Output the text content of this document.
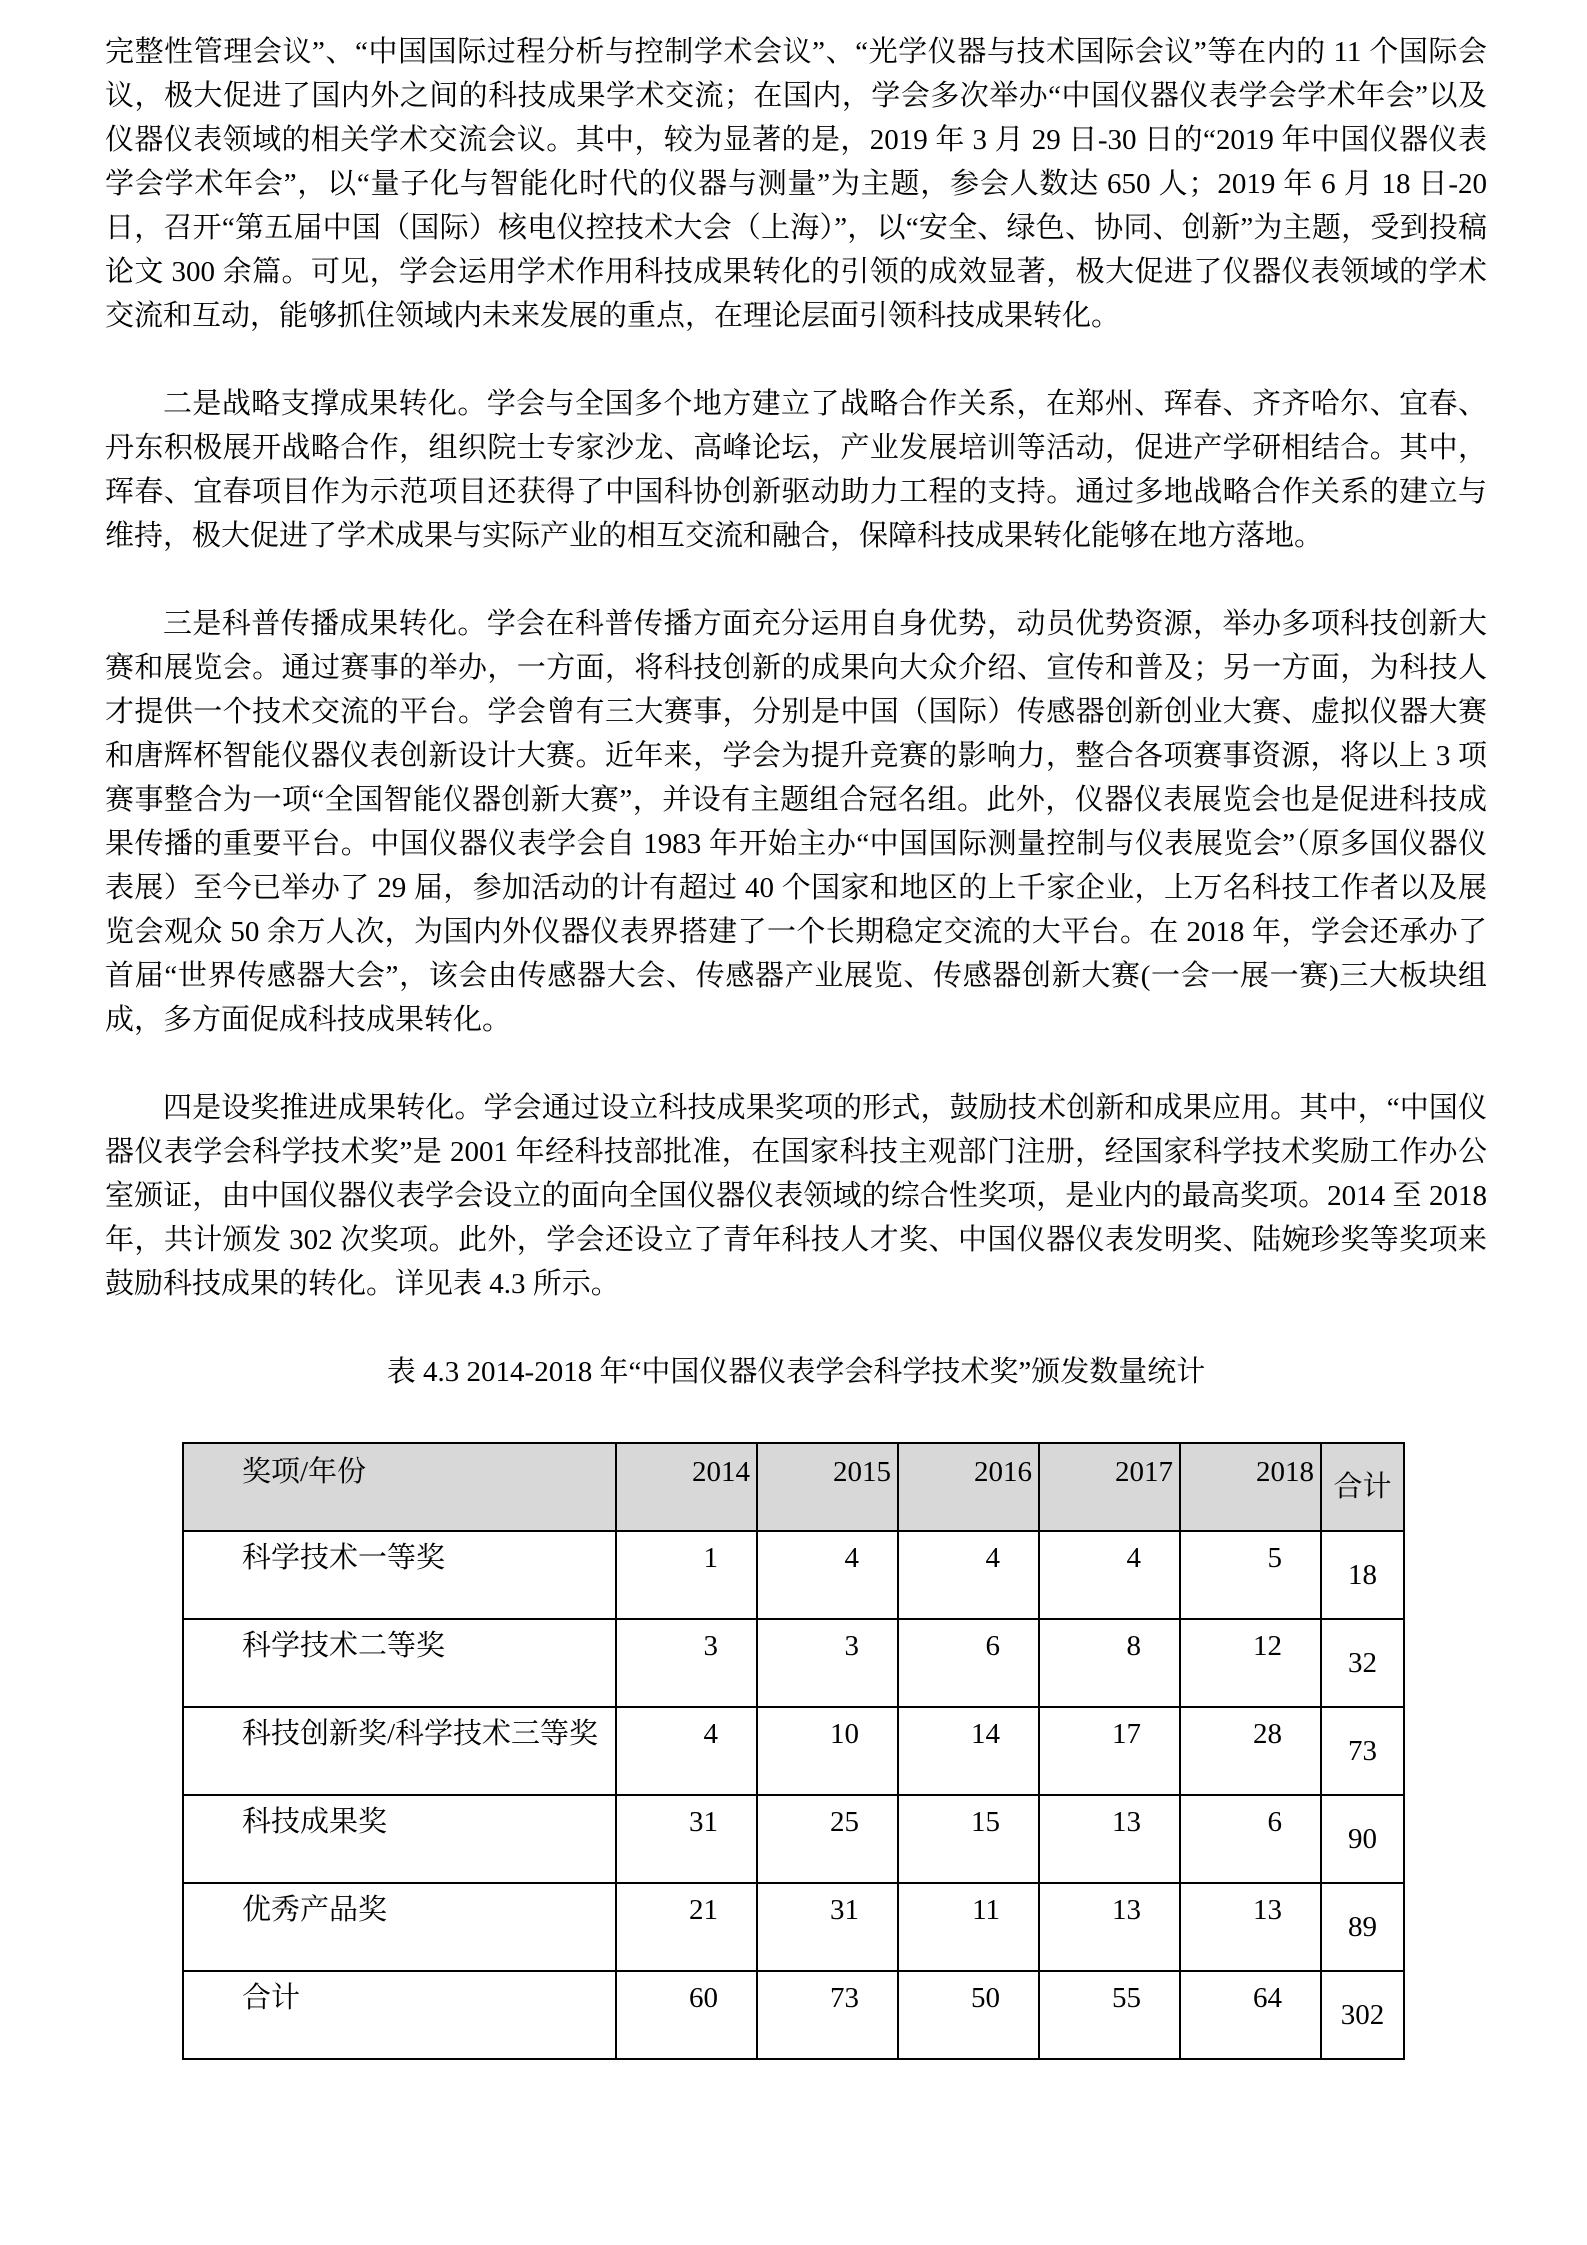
完整性管理会议”、“中国国际过程分析与控制学术会议”、“光学仪器与技术国际会议”等在内的 11 个国际会议，极大促进了国内外之间的科技成果学术交流；在国内，学会多次举办“中国仪器仪表学会学术年会”以及仪器仪表领域的相关学术交流会议。其中，较为显著的是，2019 年 3 月 29 日-30 日的“2019 年中国仪器仪表学会学术年会”，以“量子化与智能化时代的仪器与测量”为主题，参会人数达 650 人；2019 年 6 月 18 日-20 日，召开“第五届中国（国际）核电仪控技术大会（上海）”，以“安全、绿色、协同、创新”为主题，受到投稿论文 300 余篇。可见，学会运用学术作用科技成果转化的引领的成效显著，极大促进了仪器仪表领域的学术交流和互动，能够抓住领域内未来发展的重点，在理论层面引领科技成果转化。

二是战略支撑成果转化。学会与全国多个地方建立了战略合作关系，在郑州、珲春、齐齐哈尔、宜春、丹东积极展开战略合作，组织院士专家沙龙、高峰论坛，产业发展培训等活动，促进产学研相结合。其中，珲春、宜春项目作为示范项目还获得了中国科协创新驱动助力工程的支持。通过多地战略合作关系的建立与维持，极大促进了学术成果与实际产业的相互交流和融合，保障科技成果转化能够在地方落地。

三是科普传播成果转化。学会在科普传播方面充分运用自身优势，动员优势资源，举办多项科技创新大赛和展览会。通过赛事的举办，一方面，将科技创新的成果向大众介绍、宣传和普及；另一方面，为科技人才提供一个技术交流的平台。学会曾有三大赛事，分别是中国（国际）传感器创新创业大赛、虚拟仪器大赛和唐辉杯智能仪器仪表创新设计大赛。近年来，学会为提升竞赛的影响力，整合各项赛事资源，将以上 3 项赛事整合为一项“全国智能仪器创新大赛”，并设有主题组合冠名组。此外，仪器仪表展览会也是促进科技成果传播的重要平台。中国仪器仪表学会自 1983 年开始主办“中国国际测量控制与仪表展览会”（原多国仪器仪表展）至今已举办了 29 届，参加活动的计有超过 40 个国家和地区的上千家企业，上万名科技工作者以及展览会观众 50 余万人次，为国内外仪器仪表界搭建了一个长期稳定交流的大平台。在 2018 年，学会还承办了首届“世界传感器大会”，该会由传感器大会、传感器产业展览、传感器创新大赛(一会一展一赛)三大板块组成，多方面促成科技成果转化。

四是设奖推进成果转化。学会通过设立科技成果奖项的形式，鼓励技术创新和成果应用。其中，“中国仪器仪表学会科学技术奖”是 2001 年经科技部批准，在国家科技主观部门注册，经国家科学技术奖励工作办公室颁证，由中国仪器仪表学会设立的面向全国仪器仪表领域的综合性奖项，是业内的最高奖项。2014 至 2018 年，共计颁发 302 次奖项。此外，学会还设立了青年科技人才奖、中国仪器仪表发明奖、陆婉珍奖等奖项来鼓励科技成果的转化。详见表 4.3 所示。

表 4.3 2014-2018 年“中国仪器仪表学会科学技术奖”颁发数量统计
奖项/年份	2014	2015	2016	2017	2018	合计
科学技术一等奖	1	4	4	4	5	18
科学技术二等奖	3	3	6	8	12	32
科技创新奖/科学技术三等奖	4	10	14	17	28	73
科技成果奖	31	25	15	13	6	90
优秀产品奖	21	31	11	13	13	89
合计	60	73	50	55	64	302
